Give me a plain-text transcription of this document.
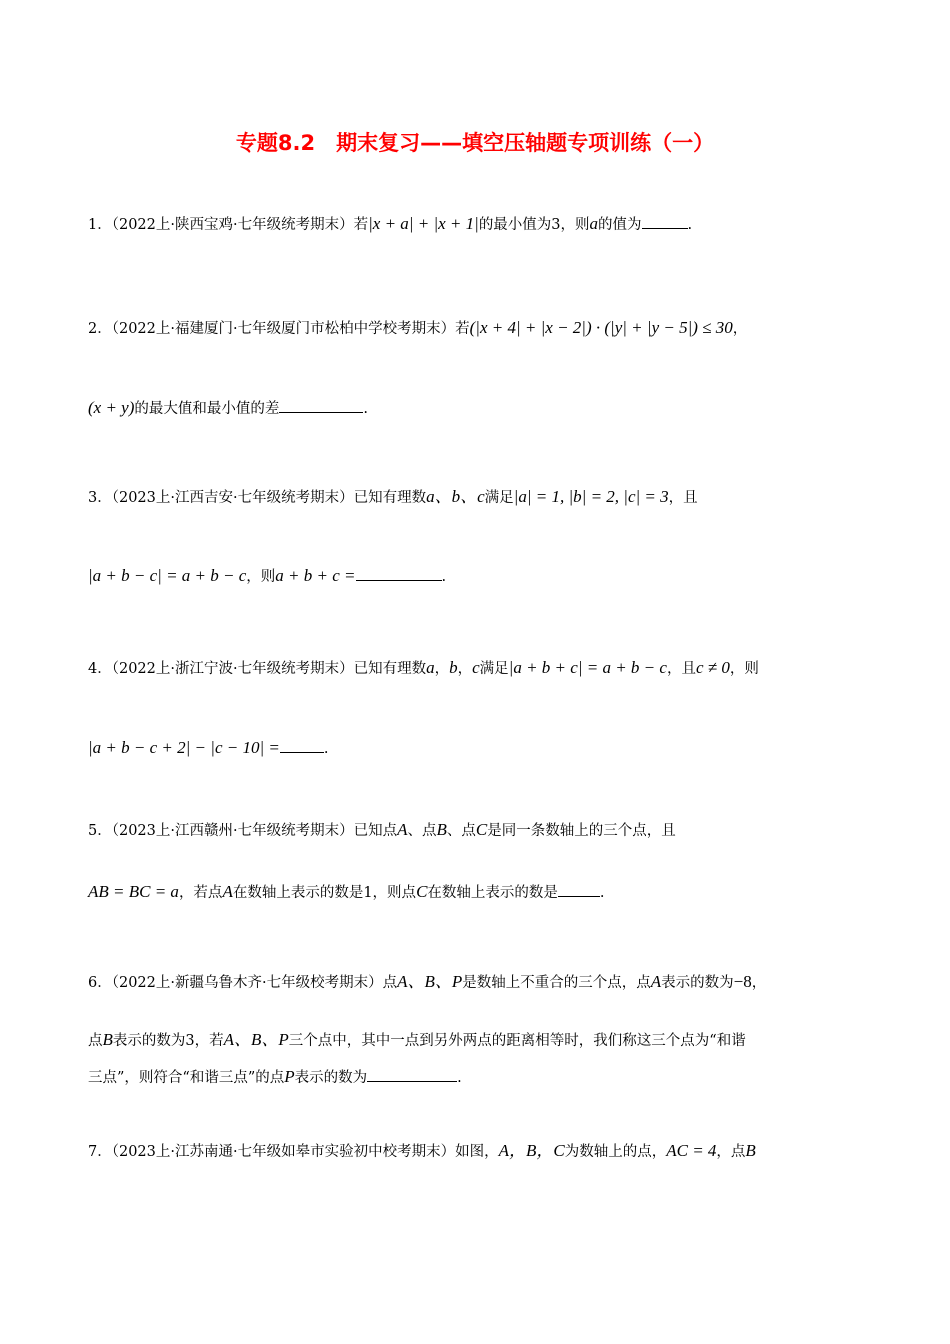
专题8.2　期末复习——填空压轴题专项训练（一）
1．（2022上·陕西宝鸡·七年级统考期末）若|x + a| + |x + 1|的最小值为3，则a的值为	.
2．（2022上·福建厦门·七年级厦门市松柏中学校考期末）若(|x + 4| + |x − 2|) · (|y| + |y − 5|) ≤ 30，
(x + y)的最大值和最小值的差	.
3．（2023上·江西吉安·七年级统考期末）已知有理数a、b、c满足|a| = 1, |b| = 2, |c| = 3，且
|a + b − c| = a + b − c，则a + b + c =	.
4．（2022上·浙江宁波·七年级统考期末）已知有理数a，b，c满足|a + b + c| = a + b − c，且c ≠ 0，则
|a + b − c + 2| − |c − 10| =	.
5．（2023上·江西赣州·七年级统考期末）已知点A、点B、点C是同一条数轴上的三个点，且
AB = BC = a，若点A在数轴上表示的数是1，则点C在数轴上表示的数是	.
6．（2022上·新疆乌鲁木齐·七年级校考期末）点A、B、P是数轴上不重合的三个点，点A表示的数为−8，
点B表示的数为3，若A、B、P三个点中，其中一点到另外两点的距离相等时，我们称这三个点为“和谐
三点”，则符合“和谐三点”的点P表示的数为	.
7．（2023上·江苏南通·七年级如皋市实验初中校考期末）如图，A，B，C为数轴上的点，AC = 4，点B
